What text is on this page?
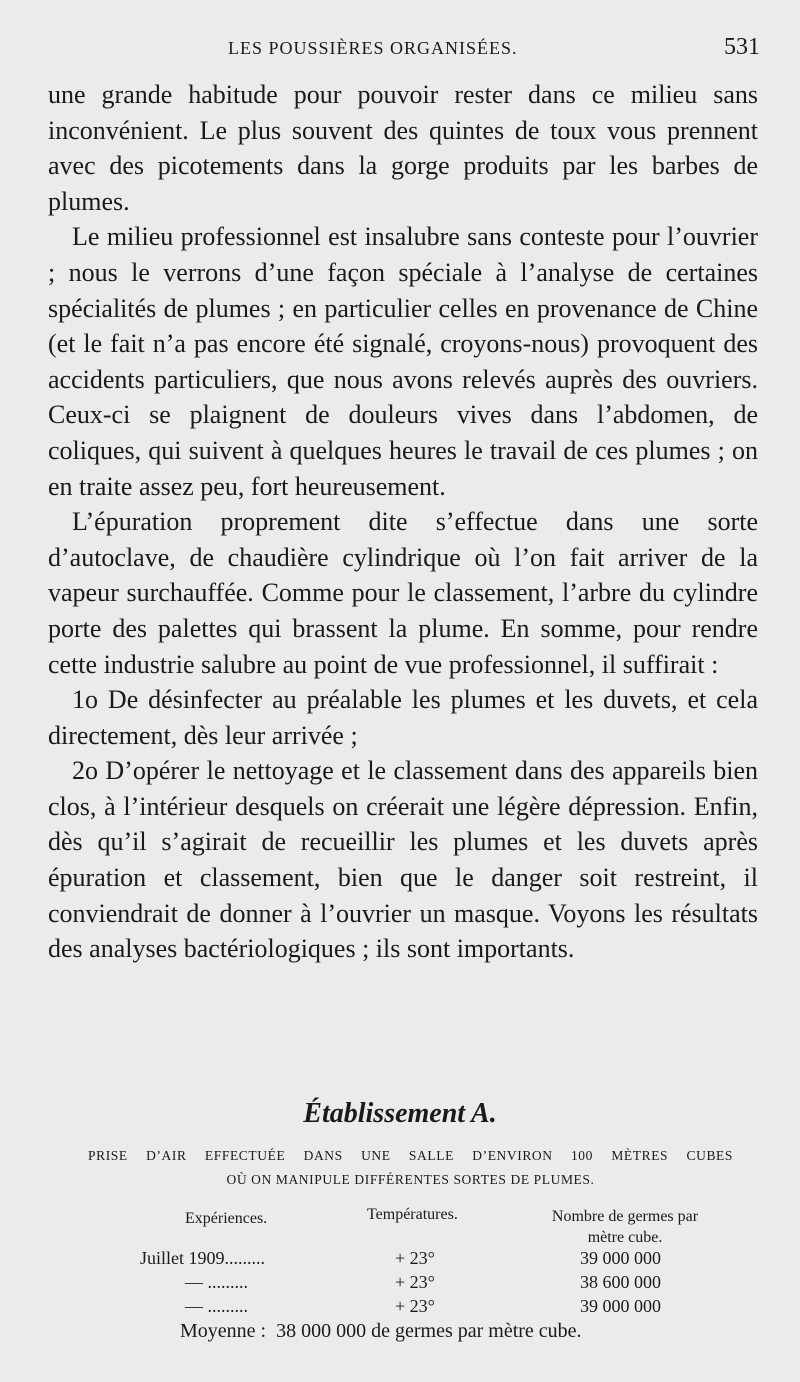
LES POUSSIÈRES ORGANISÉES.	531

une grande habitude pour pouvoir rester dans ce milieu sans inconvénient. Le plus souvent des quintes de toux vous prennent avec des picotements dans la gorge produits par les barbes de plumes.

Le milieu professionnel est insalubre sans conteste pour l’ouvrier ; nous le verrons d’une façon spéciale à l’analyse de certaines spécialités de plumes ; en particulier celles en provenance de Chine (et le fait n’a pas encore été signalé, croyons-nous) provoquent des accidents particuliers, que nous avons relevés auprès des ouvriers. Ceux-ci se plaignent de douleurs vives dans l’abdomen, de coliques, qui suivent à quelques heures le travail de ces plumes ; on en traite assez peu, fort heureusement.

L’épuration proprement dite s’effectue dans une sorte d’autoclave, de chaudière cylindrique où l’on fait arriver de la vapeur surchauffée. Comme pour le classement, l’arbre du cylindre porte des palettes qui brassent la plume. En somme, pour rendre cette industrie salubre au point de vue professionnel, il suffirait :

1o De désinfecter au préalable les plumes et les duvets, et cela directement, dès leur arrivée ;

2o D’opérer le nettoyage et le classement dans des appareils bien clos, à l’intérieur desquels on créerait une légère dépression. Enfin, dès qu’il s’agirait de recueillir les plumes et les duvets après épuration et classement, bien que le danger soit restreint, il conviendrait de donner à l’ouvrier un masque. Voyons les résultats des analyses bactériologiques ; ils sont importants.

Établissement A.
PRISE D’AIR EFFECTUÉE DANS UNE SALLE D’ENVIRON 100 MÈTRES CUBES
OÙ ON MANIPULE DIFFÉRENTES SORTES DE PLUMES.
Expériences.	Températures.	Nombre de germes par mètre cube.
Juillet 1909.........	+ 23°	39 000 000
— .........	+ 23°	38 600 000
— .........	+ 23°	39 000 000
Moyenne : 38 000 000 de germes par mètre cube.
